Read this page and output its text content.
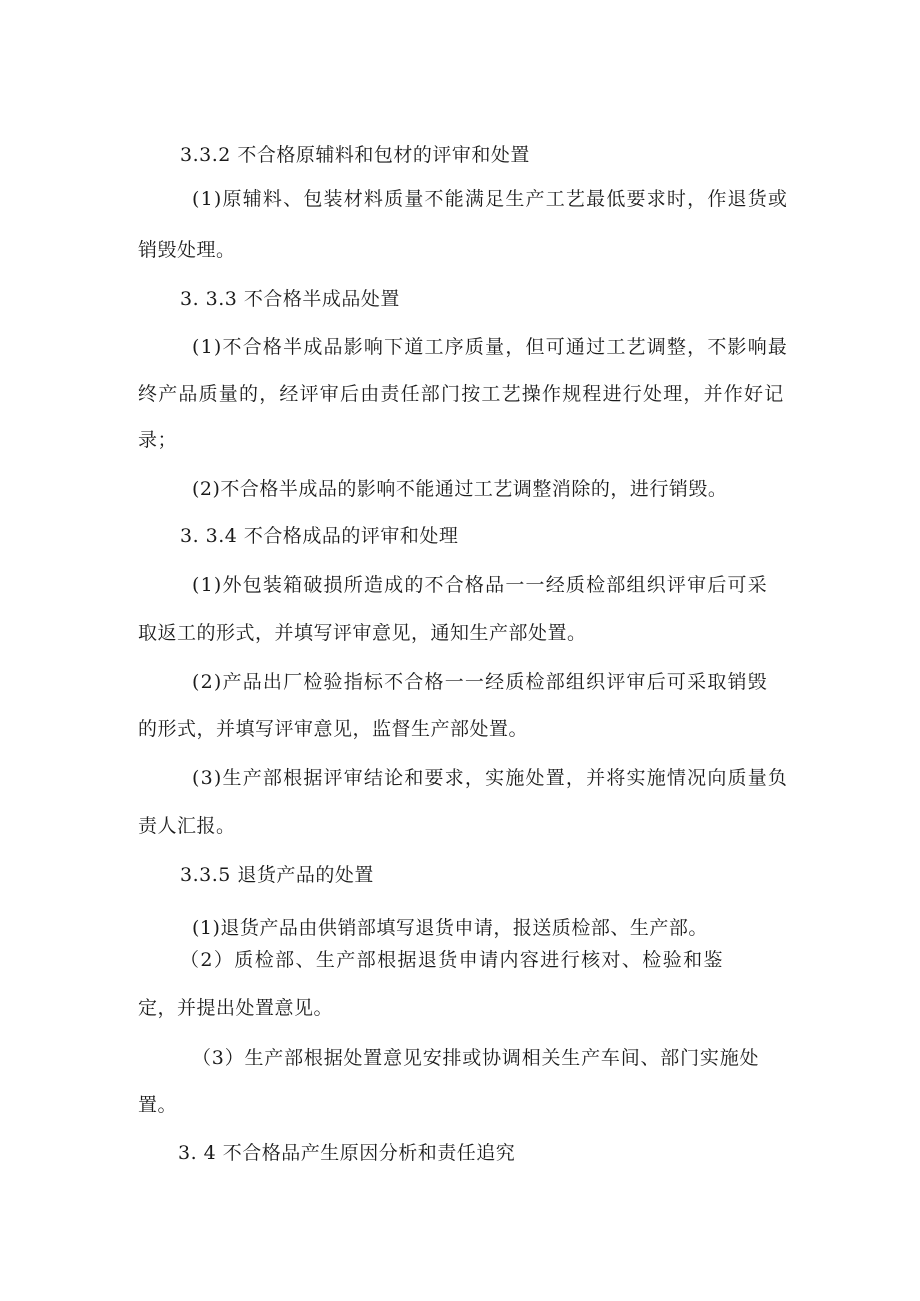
3.3.2 不合格原辅料和包材的评审和处置
(1)原辅料、包装材料质量不能满足生产工艺最低要求时，作退货或
销毁处理。
3. 3.3 不合格半成品处置
(1)不合格半成品影响下道工序质量，但可通过工艺调整，不影响最
终产品质量的，经评审后由责任部门按工艺操作规程进行处理，并作好记
录；
(2)不合格半成品的影响不能通过工艺调整消除的，进行销毁。
3. 3.4 不合格成品的评审和处理
(1)外包装箱破损所造成的不合格品一一经质检部组织评审后可采
取返工的形式，并填写评审意见，通知生产部处置。
(2)产品出厂检验指标不合格一一经质检部组织评审后可采取销毁
的形式，并填写评审意见，监督生产部处置。
(3)生产部根据评审结论和要求，实施处置，并将实施情况向质量负
责人汇报。
3.3.5 退货产品的处置
(1)退货产品由供销部填写退货申请，报送质检部、生产部。
（2）质检部、生产部根据退货申请内容进行核对、检验和鉴
定，并提出处置意见。
（3）生产部根据处置意见安排或协调相关生产车间、部门实施处
置。
3. 4 不合格品产生原因分析和责任追究
